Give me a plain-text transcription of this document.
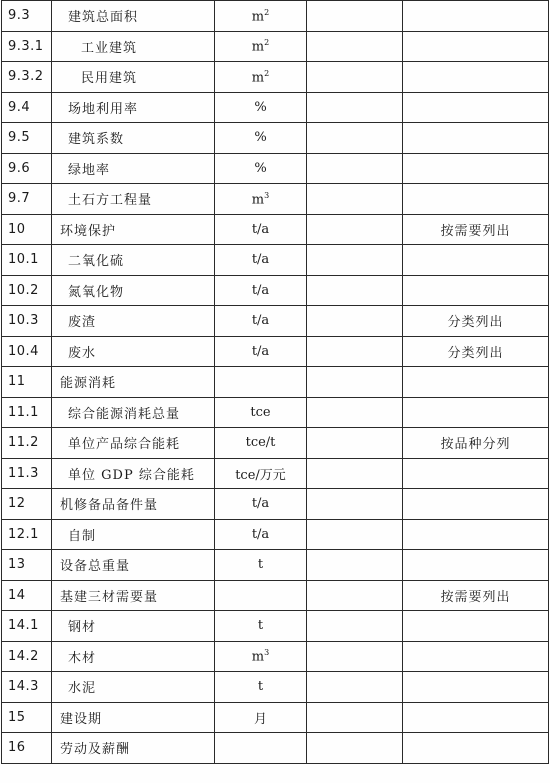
9.3	建筑总面积	$m^2$		
9.3.1	工业建筑	$m^2$		
9.3.2	民用建筑	$m^2$		
9.4	场地利用率	%		
9.5	建筑系数	%		
9.6	绿地率	%		
9.7	土石方工程量	$m^3$		
10	环境保护	t/a		按需要列出
10.1	二氧化硫	t/a		
10.2	氮氧化物	t/a		
10.3	废渣	t/a		分类列出
10.4	废水	t/a		分类列出
11	能源消耗			
11.1	综合能源消耗总量	tce		
11.2	单位产品综合能耗	tce/t		按品种分列
11.3	单位 GDP 综合能耗	tce/万元		
12	机修备品备件量	t/a		
12.1	自制	t/a		
13	设备总重量	t		
14	基建三材需要量			按需要列出
14.1	钢材	t		
14.2	木材	$m^3$		
14.3	水泥	t		
15	建设期	月		
16	劳动及薪酬			
